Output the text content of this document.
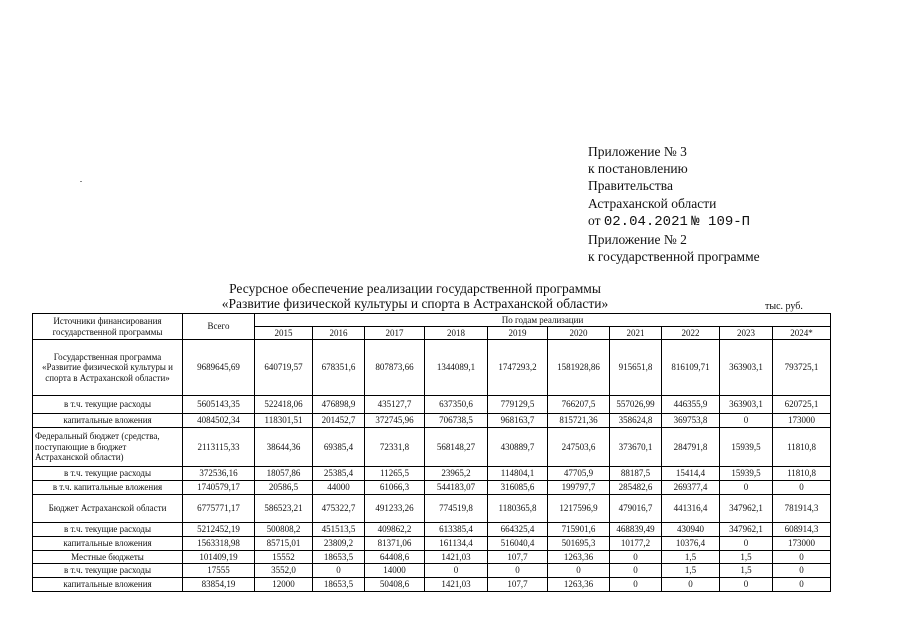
Приложение № 3
к постановлению
Правительства
Астраханской области
от 02.04.2021 № 109-П
Приложение № 2
к государственной программе
Ресурсное обеспечение реализации государственной программы
«Развитие физической культуры и спорта в Астраханской области»	тыс. руб.
Источники финансирования государственной программы	Всего	По годам реализации									
		2015	2016	2017	2018	2019	2020	2021	2022	2023	2024*
Государственная программа «Развитие физической культуры и спорта в Астраханской области»	9689645,69	640719,57	678351,6	807873,66	1344089,1	1747293,2	1581928,86	915651,8	816109,71	363903,1	793725,1
в т.ч. текущие расходы	5605143,35	522418,06	476898,9	435127,7	637350,6	779129,5	766207,5	557026,99	446355,9	363903,1	620725,1
капитальные вложения	4084502,34	118301,51	201452,7	372745,96	706738,5	968163,7	815721,36	358624,8	369753,8	0	173000
Федеральный бюджет (средства, поступающие в бюджет Астраханской области)	2113115,33	38644,36	69385,4	72331,8	568148,27	430889,7	247503,6	373670,1	284791,8	15939,5	11810,8
в т.ч. текущие расходы	372536,16	18057,86	25385,4	11265,5	23965,2	114804,1	47705,9	88187,5	15414,4	15939,5	11810,8
в т.ч. капитальные вложения	1740579,17	20586,5	44000	61066,3	544183,07	316085,6	199797,7	285482,6	269377,4	0	0
Бюджет Астраханской области	6775771,17	586523,21	475322,7	491233,26	774519,8	1180365,8	1217596,9	479016,7	441316,4	347962,1	781914,3
в т.ч. текущие расходы	5212452,19	500808,2	451513,5	409862,2	613385,4	664325,4	715901,6	468839,49	430940	347962,1	608914,3
капитальные вложения	1563318,98	85715,01	23809,2	81371,06	161134,4	516040,4	501695,3	10177,2	10376,4	0	173000
Местные бюджеты	101409,19	15552	18653,5	64408,6	1421,03	107,7	1263,36	0	1,5	1,5	0
в т.ч. текущие расходы	17555	3552,0	0	14000	0	0	0	0	1,5	1,5	0
капитальные вложения	83854,19	12000	18653,5	50408,6	1421,03	107,7	1263,36	0	0	0	0
